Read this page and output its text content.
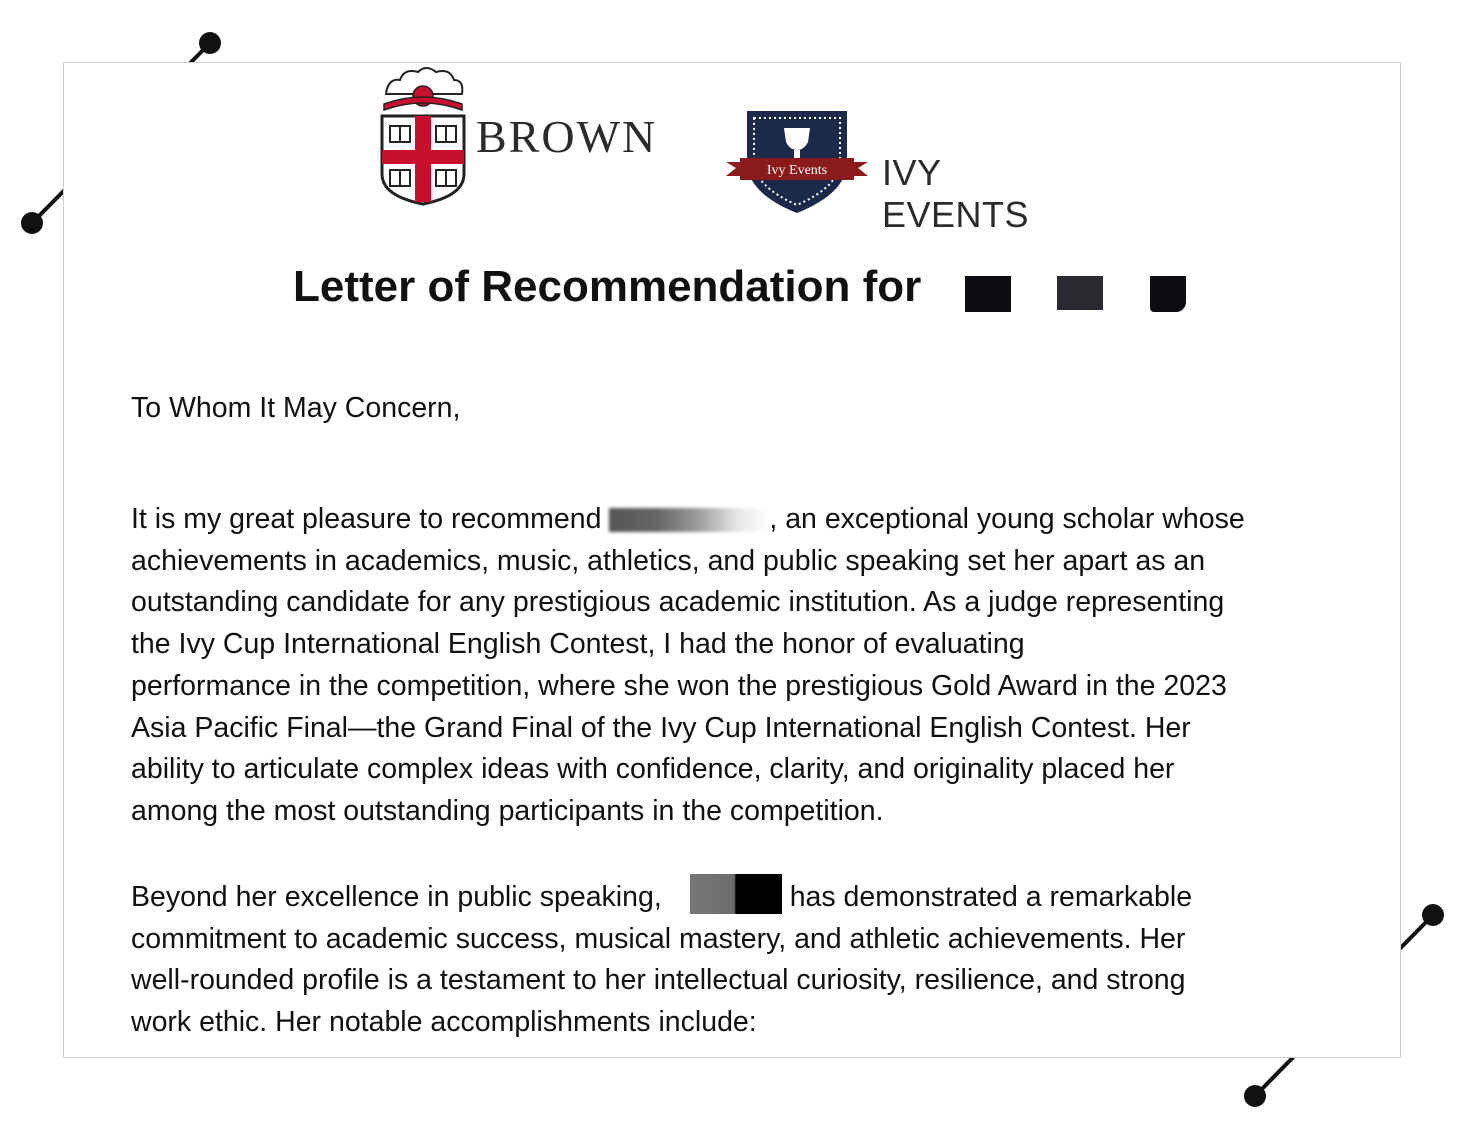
BROWN
Ivy Events IVY EVENTS
Letter of Recommendation for

To Whom It May Concern,

It is my great pleasure to recommend	, an exceptional young scholar whose
achievements in academics, music, athletics, and public speaking set her apart as an
outstanding candidate for any prestigious academic institution. As a judge representing
the Ivy Cup International English Contest, I had the honor of evaluating
performance in the competition, where she won the prestigious Gold Award in the 2023
Asia Pacific Final—the Grand Final of the Ivy Cup International English Contest. Her
ability to articulate complex ideas with confidence, clarity, and originality placed her
among the most outstanding participants in the competition.

Beyond her excellence in public speaking,	has demonstrated a remarkable
commitment to academic success, musical mastery, and athletic achievements. Her
well-rounded profile is a testament to her intellectual curiosity, resilience, and strong
work ethic. Her notable accomplishments include:
